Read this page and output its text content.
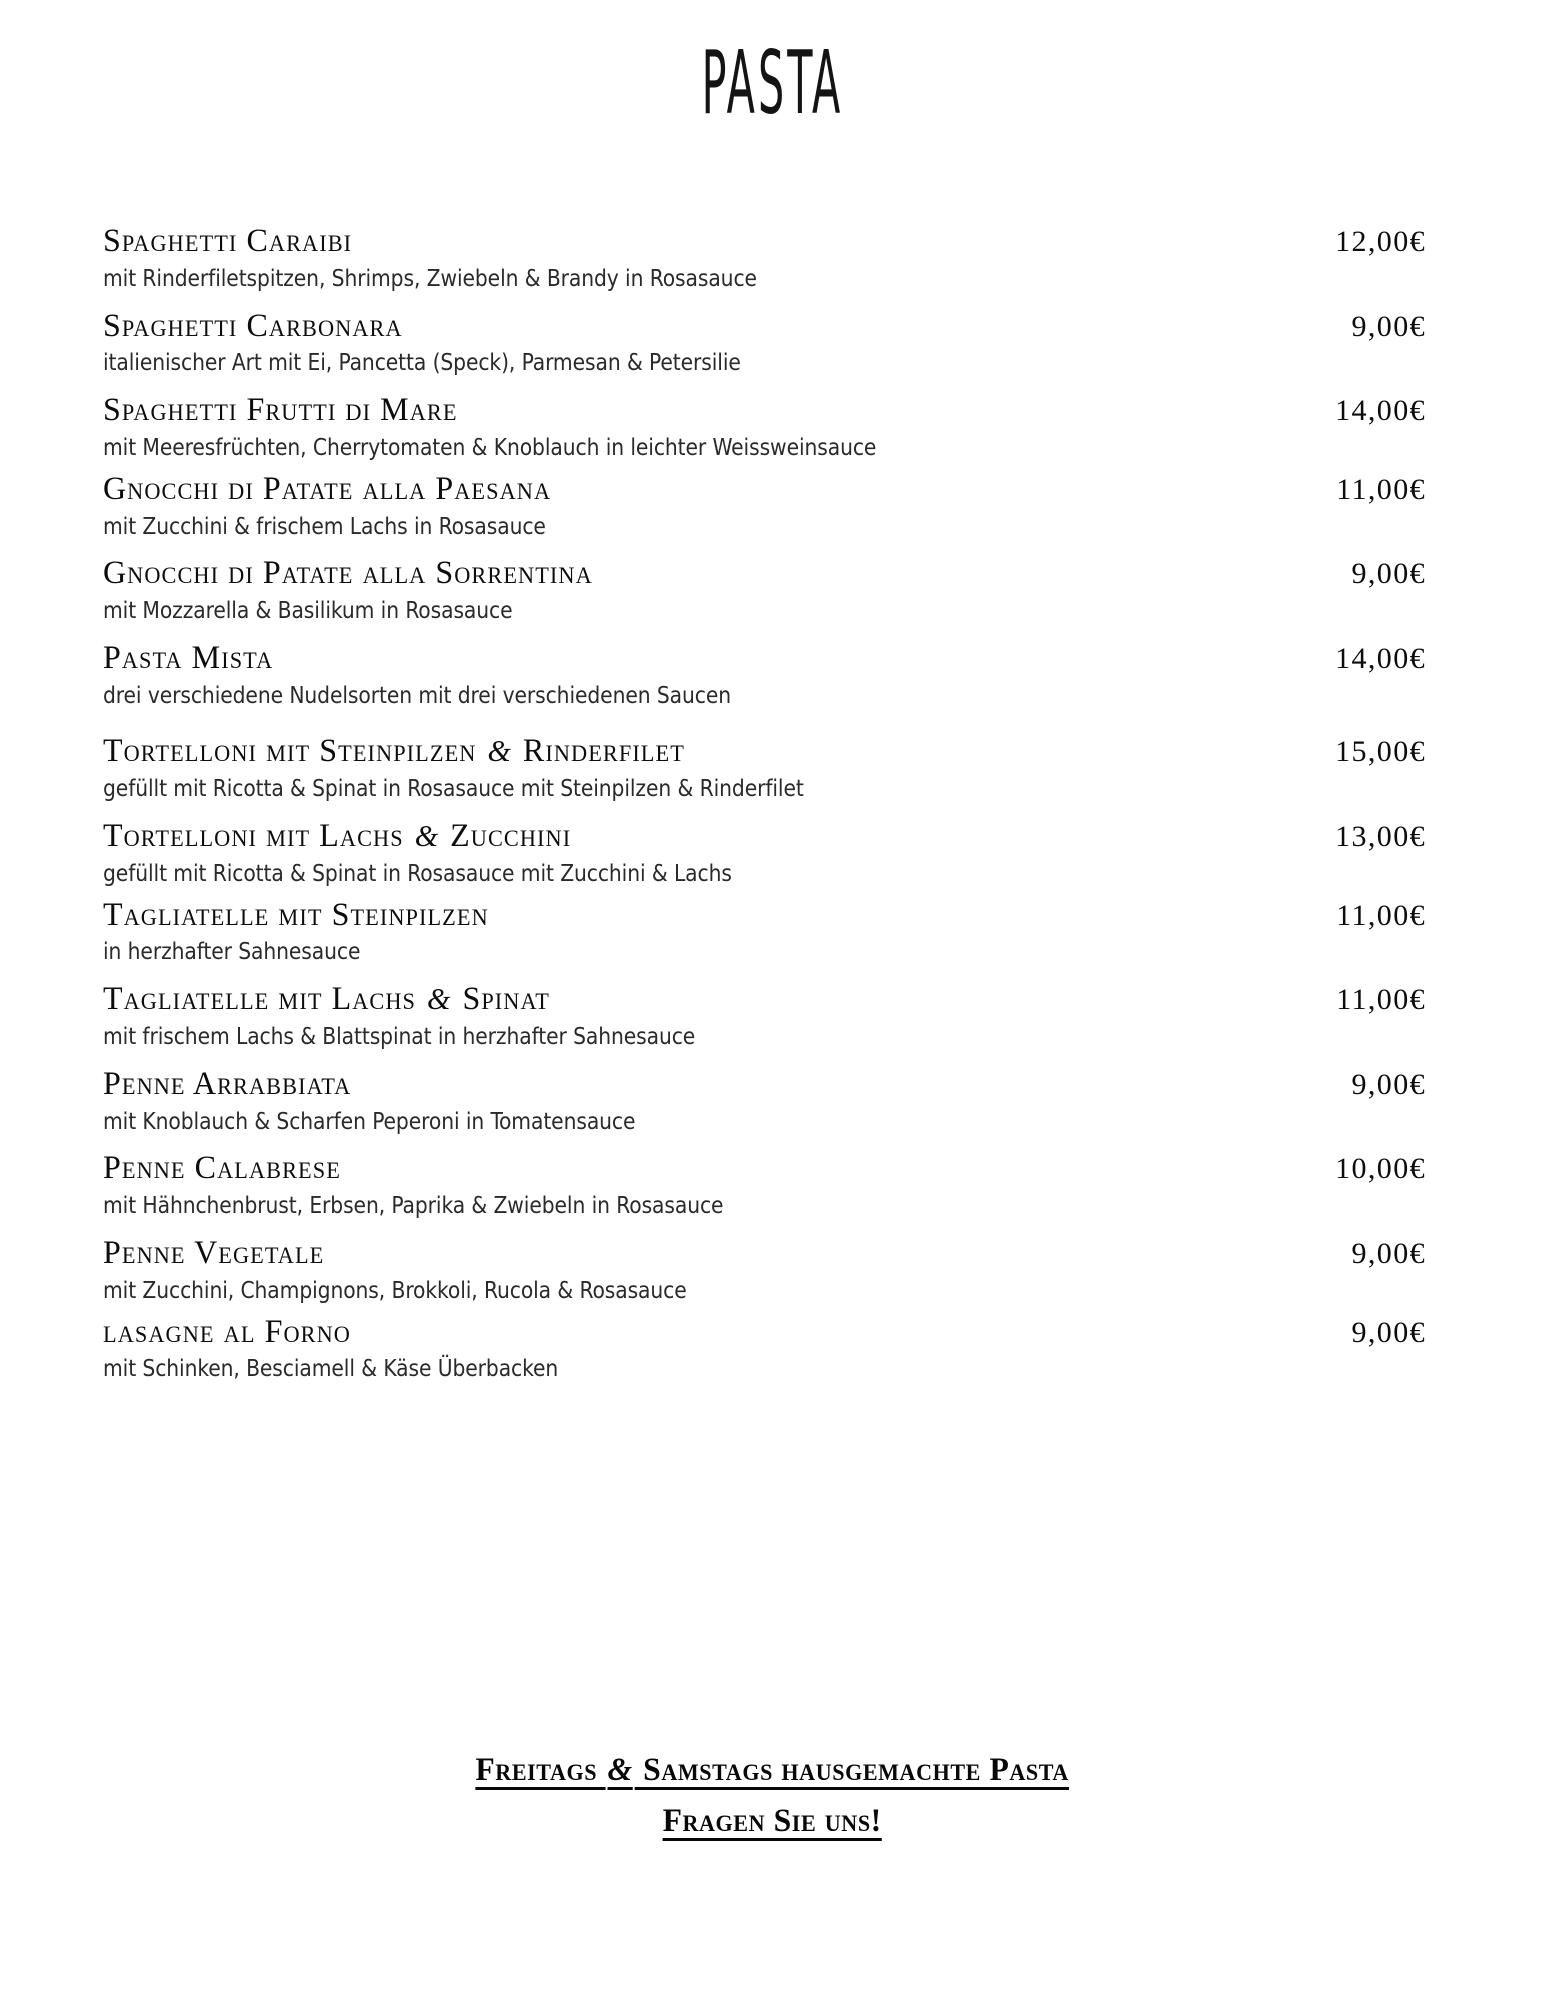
PASTA
Spaghetti Caraibi	12,00€
mit Rinderfiletspitzen, Shrimps, Zwiebeln & Brandy in Rosasauce
Spaghetti Carbonara	9,00€
italienischer Art mit Ei, Pancetta (Speck), Parmesan & Petersilie
Spaghetti Frutti di Mare	14,00€
mit Meeresfrüchten, Cherrytomaten & Knoblauch in leichter Weissweinsauce
Gnocchi di Patate alla Paesana	11,00€
mit Zucchini & frischem Lachs in Rosasauce
Gnocchi di Patate alla Sorrentina	9,00€
mit Mozzarella & Basilikum in Rosasauce
Pasta Mista	14,00€
drei verschiedene Nudelsorten mit drei verschiedenen Saucen
Tortelloni mit Steinpilzen & Rinderfilet	15,00€
gefüllt mit Ricotta & Spinat in Rosasauce mit Steinpilzen & Rinderfilet
Tortelloni mit Lachs & Zucchini	13,00€
gefüllt mit Ricotta & Spinat in Rosasauce mit Zucchini & Lachs
Tagliatelle mit Steinpilzen	11,00€
in herzhafter Sahnesauce
Tagliatelle mit Lachs & Spinat	11,00€
mit frischem Lachs & Blattspinat in herzhafter Sahnesauce
Penne Arrabbiata	9,00€
mit Knoblauch & Scharfen Peperoni in Tomatensauce
Penne Calabrese	10,00€
mit Hähnchenbrust, Erbsen, Paprika & Zwiebeln in Rosasauce
Penne Vegetale	9,00€
mit Zucchini, Champignons, Brokkoli, Rucola & Rosasauce
lasagne al Forno	9,00€
mit Schinken, Besciamell & Käse Überbacken
Freitags & Samstags hausgemachte Pasta
Fragen Sie uns!
